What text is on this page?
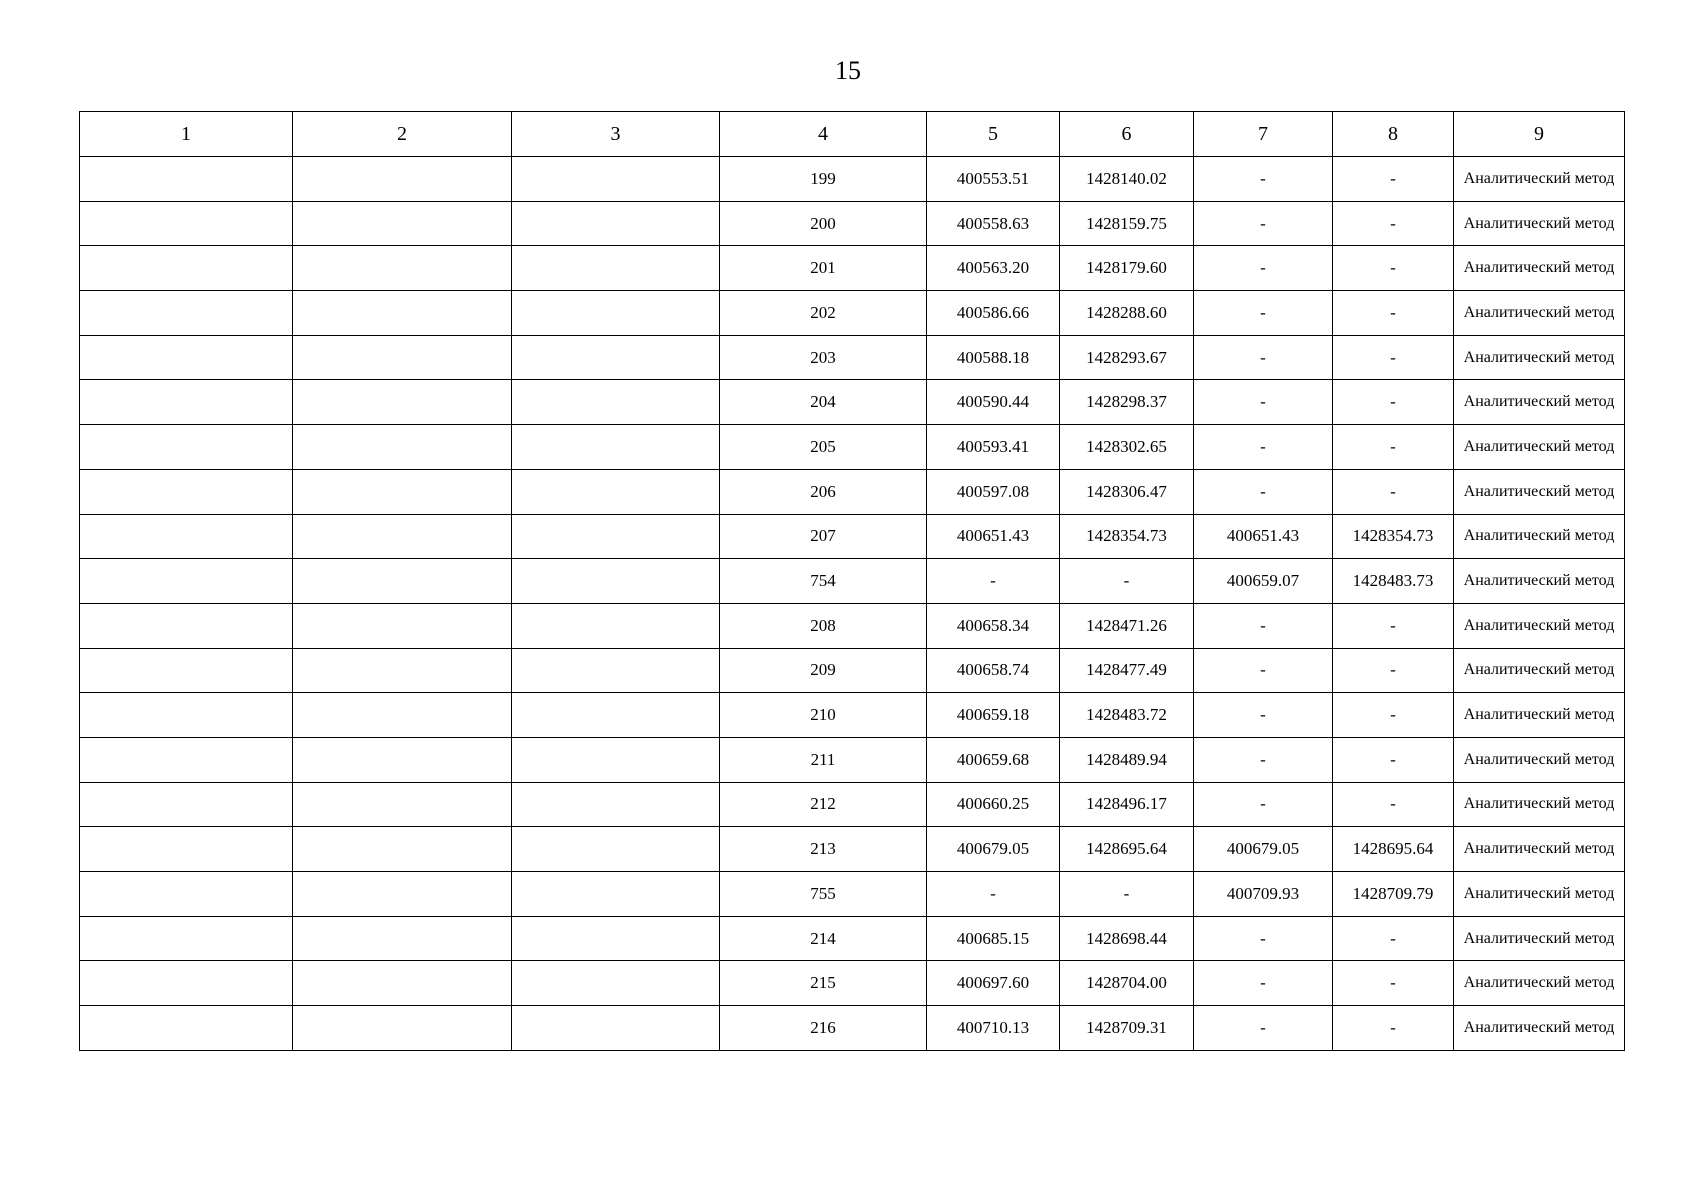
15
1	2	3	4	5	6	7	8	9
			199	400553.51	1428140.02	-	-	Аналитический метод
			200	400558.63	1428159.75	-	-	Аналитический метод
			201	400563.20	1428179.60	-	-	Аналитический метод
			202	400586.66	1428288.60	-	-	Аналитический метод
			203	400588.18	1428293.67	-	-	Аналитический метод
			204	400590.44	1428298.37	-	-	Аналитический метод
			205	400593.41	1428302.65	-	-	Аналитический метод
			206	400597.08	1428306.47	-	-	Аналитический метод
			207	400651.43	1428354.73	400651.43	1428354.73	Аналитический метод
			754	-	-	400659.07	1428483.73	Аналитический метод
			208	400658.34	1428471.26	-	-	Аналитический метод
			209	400658.74	1428477.49	-	-	Аналитический метод
			210	400659.18	1428483.72	-	-	Аналитический метод
			211	400659.68	1428489.94	-	-	Аналитический метод
			212	400660.25	1428496.17	-	-	Аналитический метод
			213	400679.05	1428695.64	400679.05	1428695.64	Аналитический метод
			755	-	-	400709.93	1428709.79	Аналитический метод
			214	400685.15	1428698.44	-	-	Аналитический метод
			215	400697.60	1428704.00	-	-	Аналитический метод
			216	400710.13	1428709.31	-	-	Аналитический метод
